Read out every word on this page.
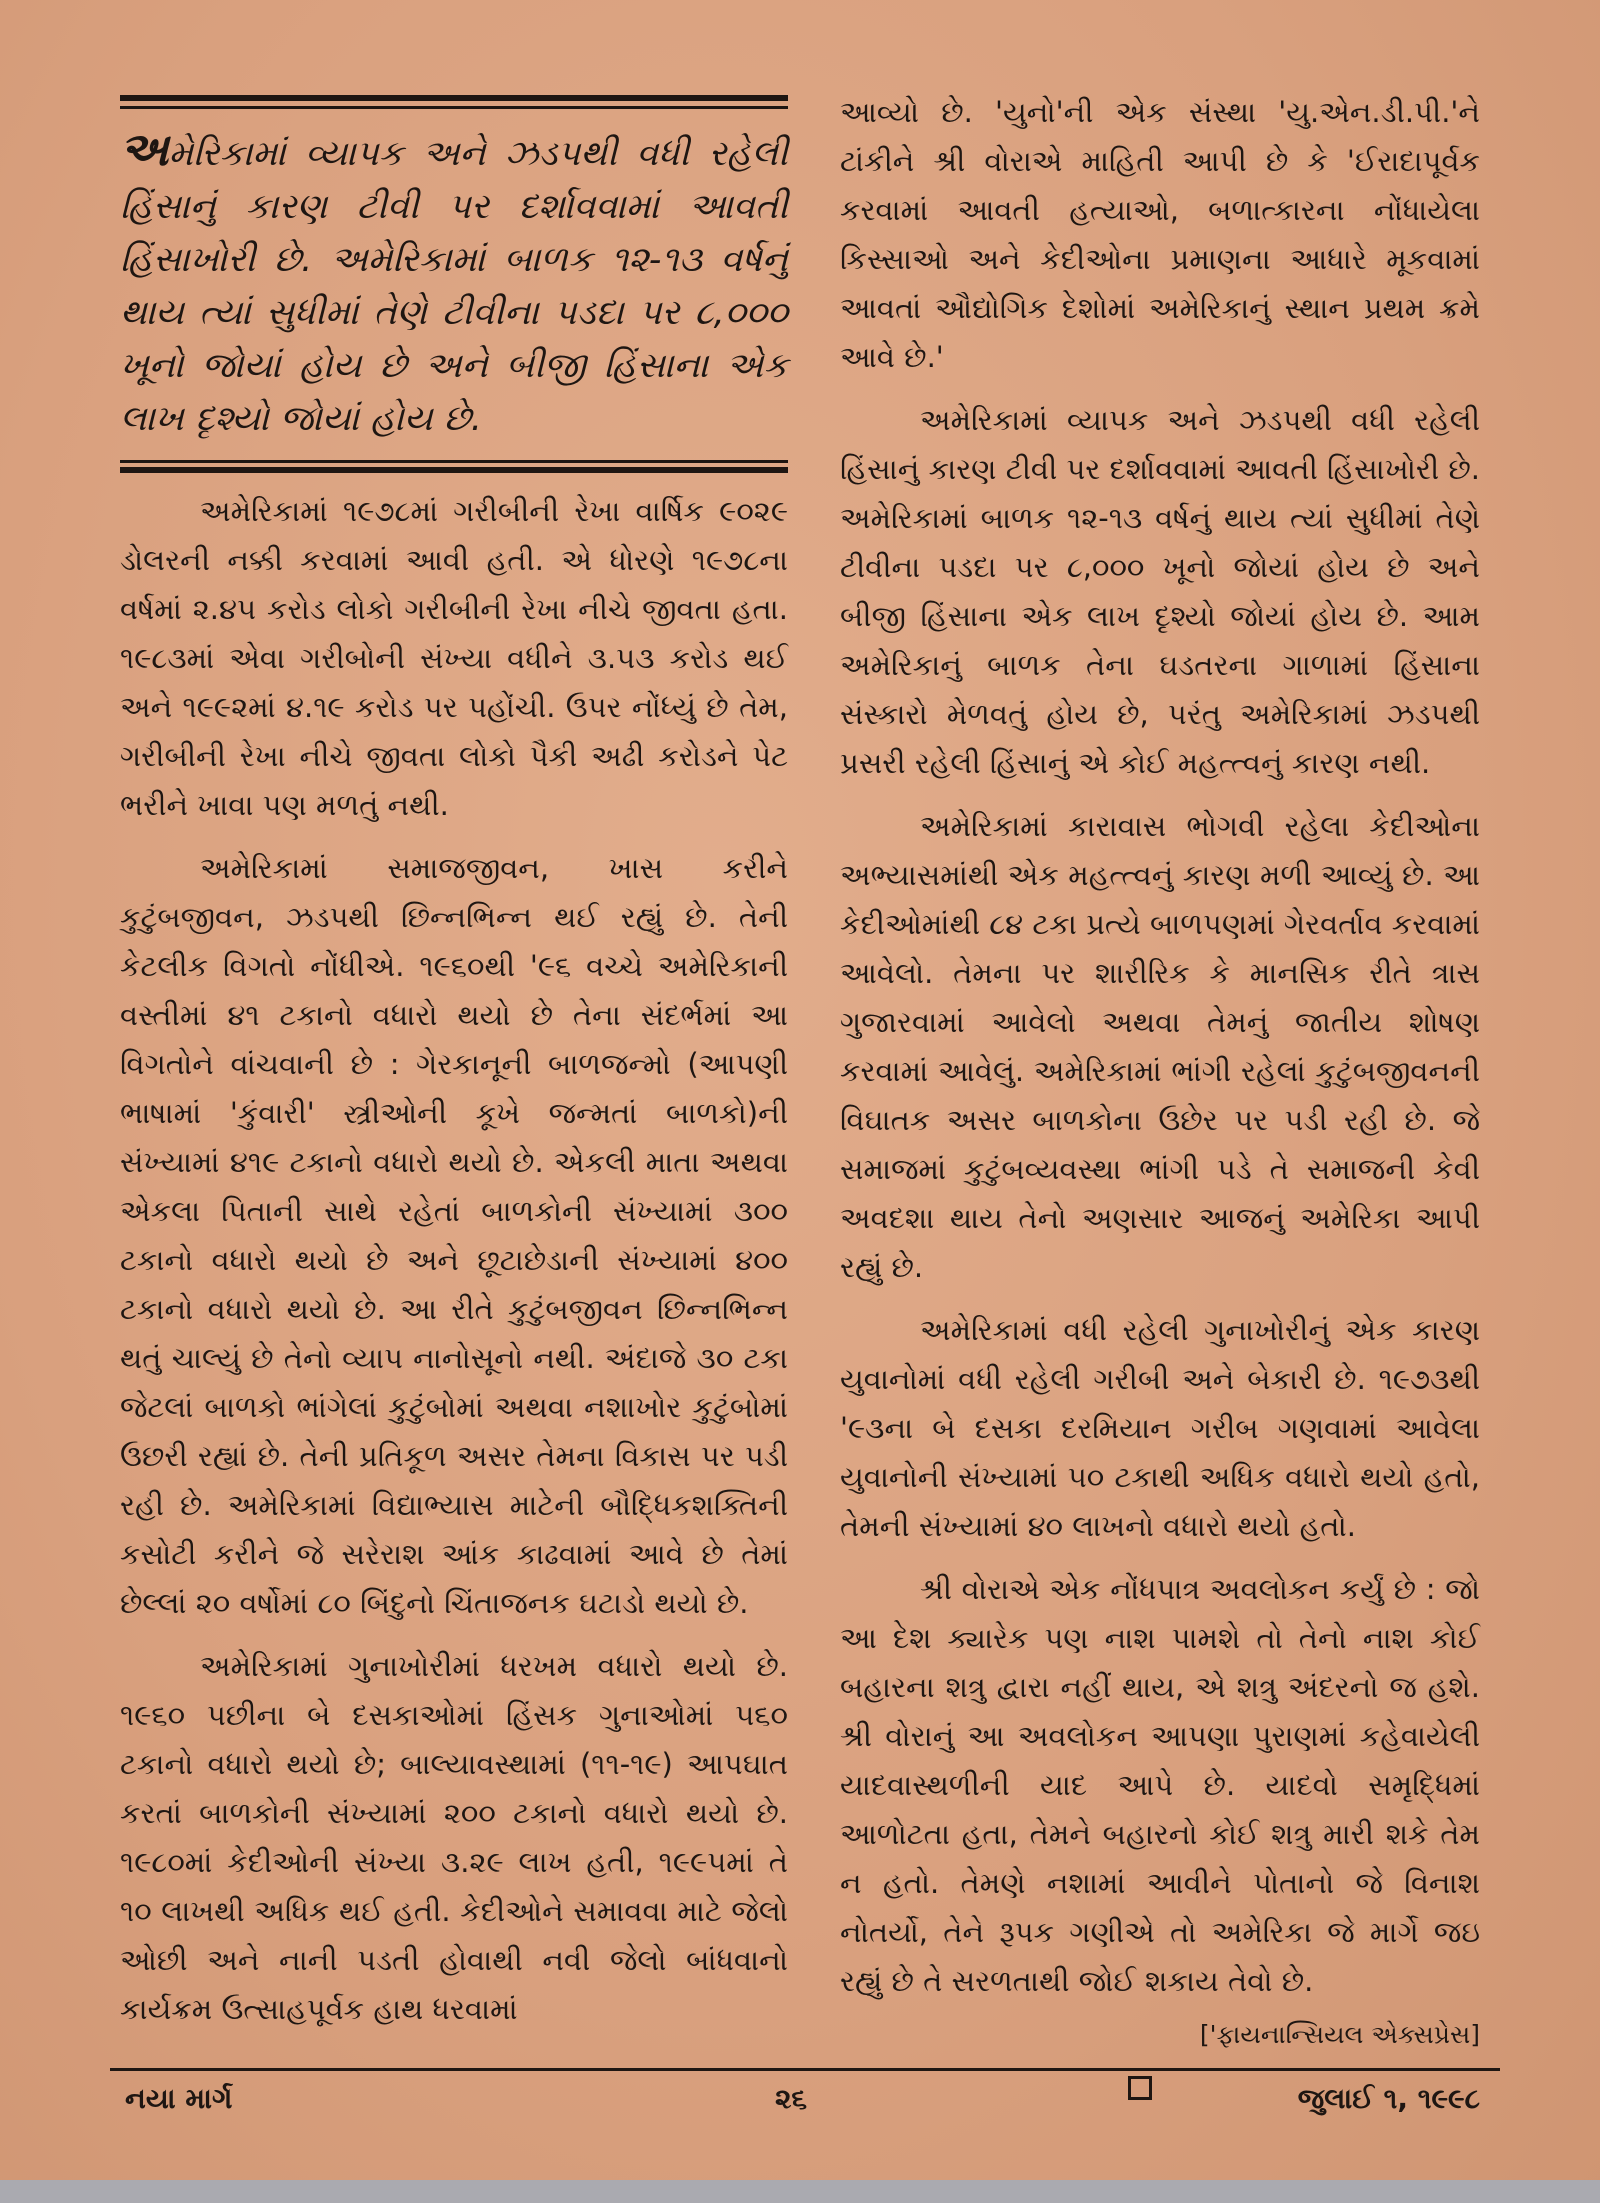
અમેરિકામાં વ્યાપક અને ઝડપથી વધી રહેલી હિંસાનું કારણ ટીવી પર દર્શાવવામાં આવતી હિંસાખોરી છે. અમેરિકામાં બાળક ૧૨-૧૩ વર્ષનું થાય ત્યાં સુધીમાં તેણે ટીવીના પડદા પર ૮,૦૦૦ ખૂનો જોયાં હોય છે અને બીજી હિંસાના એક લાખ દૃશ્યો જોયાં હોય છે.

અમેરિકામાં ૧૯૭૮માં ગરીબીની રેખા વાર્ષિક ૯૦૨૯ ડોલરની નક્કી કરવામાં આવી હતી. એ ધોરણે ૧૯૭૮ના વર્ષમાં ૨.૪૫ કરોડ લોકો ગરીબીની રેખા નીચે જીવતા હતા. ૧૯૮૩માં એવા ગરીબોની સંખ્યા વધીને ૩.૫૩ કરોડ થઈ અને ૧૯૯૨માં ૪.૧૯ કરોડ પર પહોંચી. ઉપર નોંધ્યું છે તેમ, ગરીબીની રેખા નીચે જીવતા લોકો પૈકી અઢી કરોડને પેટ ભરીને ખાવા પણ મળતું નથી.

અમેરિકામાં સમાજજીવન, ખાસ કરીને કુટુંબજીવન, ઝડપથી છિન્નભિન્ન થઈ રહ્યું છે. તેની કેટલીક વિગતો નોંધીએ. ૧૯૬૦થી '૯૬ વચ્ચે અમેરિકાની વસ્તીમાં ૪૧ ટકાનો વધારો થયો છે તેના સંદર્ભમાં આ વિગતોને વાંચવાની છે : ગેરકાનૂની બાળજન્મો (આપણી ભાષામાં 'કુંવારી' સ્ત્રીઓની કૂખે જન્મતાં બાળકો)ની સંખ્યામાં ૪૧૯ ટકાનો વધારો થયો છે. એકલી માતા અથવા એકલા પિતાની સાથે રહેતાં બાળકોની સંખ્યામાં ૩૦૦ ટકાનો વધારો થયો છે અને છૂટાછેડાની સંખ્યામાં ૪૦૦ ટકાનો વધારો થયો છે. આ રીતે કુટુંબજીવન છિન્નભિન્ન થતું ચાલ્યું છે તેનો વ્યાપ નાનોસૂનો નથી. અંદાજે ૩૦ ટકા જેટલાં બાળકો ભાંગેલાં કુટુંબોમાં અથવા નશાખોર કુટુંબોમાં ઉછરી રહ્યાં છે. તેની પ્રતિકૂળ અસર તેમના વિકાસ પર પડી રહી છે. અમેરિકામાં વિદ્યાભ્યાસ માટેની બૌદ્ધિકશક્તિની કસોટી કરીને જે સરેરાશ આંક કાઢવામાં આવે છે તેમાં છેલ્લાં ૨૦ વર્ષોમાં ૮૦ બિંદુનો ચિંતાજનક ઘટાડો થયો છે.

અમેરિકામાં ગુનાખોરીમાં ધરખમ વધારો થયો છે. ૧૯૬૦ પછીના બે દસકાઓમાં હિંસક ગુનાઓમાં ૫૬૦ ટકાનો વધારો થયો છે; બાલ્યાવસ્થામાં (૧૧-૧૯) આપઘાત કરતાં બાળકોની સંખ્યામાં ૨૦૦ ટકાનો વધારો થયો છે. ૧૯૮૦માં કેદીઓની સંખ્યા ૩.૨૯ લાખ હતી, ૧૯૯૫માં તે ૧૦ લાખથી અધિક થઈ હતી. કેદીઓને સમાવવા માટે જેલો ઓછી અને નાની પડતી હોવાથી નવી જેલો બાંધવાનો કાર્યક્રમ ઉત્સાહપૂર્વક હાથ ધરવામાં

આવ્યો છે. 'યુનો'ની એક સંસ્થા 'યુ.એન.ડી.પી.'ને ટાંકીને શ્રી વોરાએ માહિતી આપી છે કે 'ઈરાદાપૂર્વક કરવામાં આવતી હત્યાઓ, બળાત્કારના નોંધાયેલા કિસ્સાઓ અને કેદીઓના પ્રમાણના આધારે મૂકવામાં આવતાં ઔદ્યોગિક દેશોમાં અમેરિકાનું સ્થાન પ્રથમ ક્રમે આવે છે.'

અમેરિકામાં વ્યાપક અને ઝડપથી વધી રહેલી હિંસાનું કારણ ટીવી પર દર્શાવવામાં આવતી હિંસાખોરી છે. અમેરિકામાં બાળક ૧૨-૧૩ વર્ષનું થાય ત્યાં સુધીમાં તેણે ટીવીના પડદા પર ૮,૦૦૦ ખૂનો જોયાં હોય છે અને બીજી હિંસાના એક લાખ દૃશ્યો જોયાં હોય છે. આમ અમેરિકાનું બાળક તેના ઘડતરના ગાળામાં હિંસાના સંસ્કારો મેળવતું હોય છે, પરંતુ અમેરિકામાં ઝડપથી પ્રસરી રહેલી હિંસાનું એ કોઈ મહત્ત્વનું કારણ નથી.

અમેરિકામાં કારાવાસ ભોગવી રહેલા કેદીઓના અભ્યાસમાંથી એક મહત્ત્વનું કારણ મળી આવ્યું છે. આ કેદીઓમાંથી ૮૪ ટકા પ્રત્યે બાળપણમાં ગેરવર્તાવ કરવામાં આવેલો. તેમના પર શારીરિક કે માનસિક રીતે ત્રાસ ગુજારવામાં આવેલો અથવા તેમનું જાતીય શોષણ કરવામાં આવેલું. અમેરિકામાં ભાંગી રહેલાં કુટુંબજીવનની વિઘાતક અસર બાળકોના ઉછેર પર પડી રહી છે. જે સમાજમાં કુટુંબવ્યવસ્થા ભાંગી પડે તે સમાજની કેવી અવદશા થાય તેનો અણસાર આજનું અમેરિકા આપી રહ્યું છે.

અમેરિકામાં વધી રહેલી ગુનાખોરીનું એક કારણ યુવાનોમાં વધી રહેલી ગરીબી અને બેકારી છે. ૧૯૭૩થી '૯૩ના બે દસકા દરમિયાન ગરીબ ગણવામાં આવેલા યુવાનોની સંખ્યામાં ૫૦ ટકાથી અધિક વધારો થયો હતો, તેમની સંખ્યામાં ૪૦ લાખનો વધારો થયો હતો.

શ્રી વોરાએ એક નોંધપાત્ર અવલોકન કર્યું છે : જો આ દેશ ક્યારેક પણ નાશ પામશે તો તેનો નાશ કોઈ બહારના શત્રુ દ્વારા નહીં થાય, એ શત્રુ અંદરનો જ હશે. શ્રી વોરાનું આ અવલોકન આપણા પુરાણમાં કહેવાયેલી યાદવાસ્થળીની યાદ આપે છે. યાદવો સમૃદ્ધિમાં આળોટતા હતા, તેમને બહારનો કોઈ શત્રુ મારી શકે તેમ ન હતો. તેમણે નશામાં આવીને પોતાનો જે વિનાશ નોતર્યો, તેને રૂપક ગણીએ તો અમેરિકા જે માર્ગે જઇ રહ્યું છે તે સરળતાથી જોઈ શકાય તેવો છે.

['ફાયનાન્સિયલ એક્સપ્રેસ]
નયા માર્ગ	૨૬	જુલાઈ ૧, ૧૯૯૮
